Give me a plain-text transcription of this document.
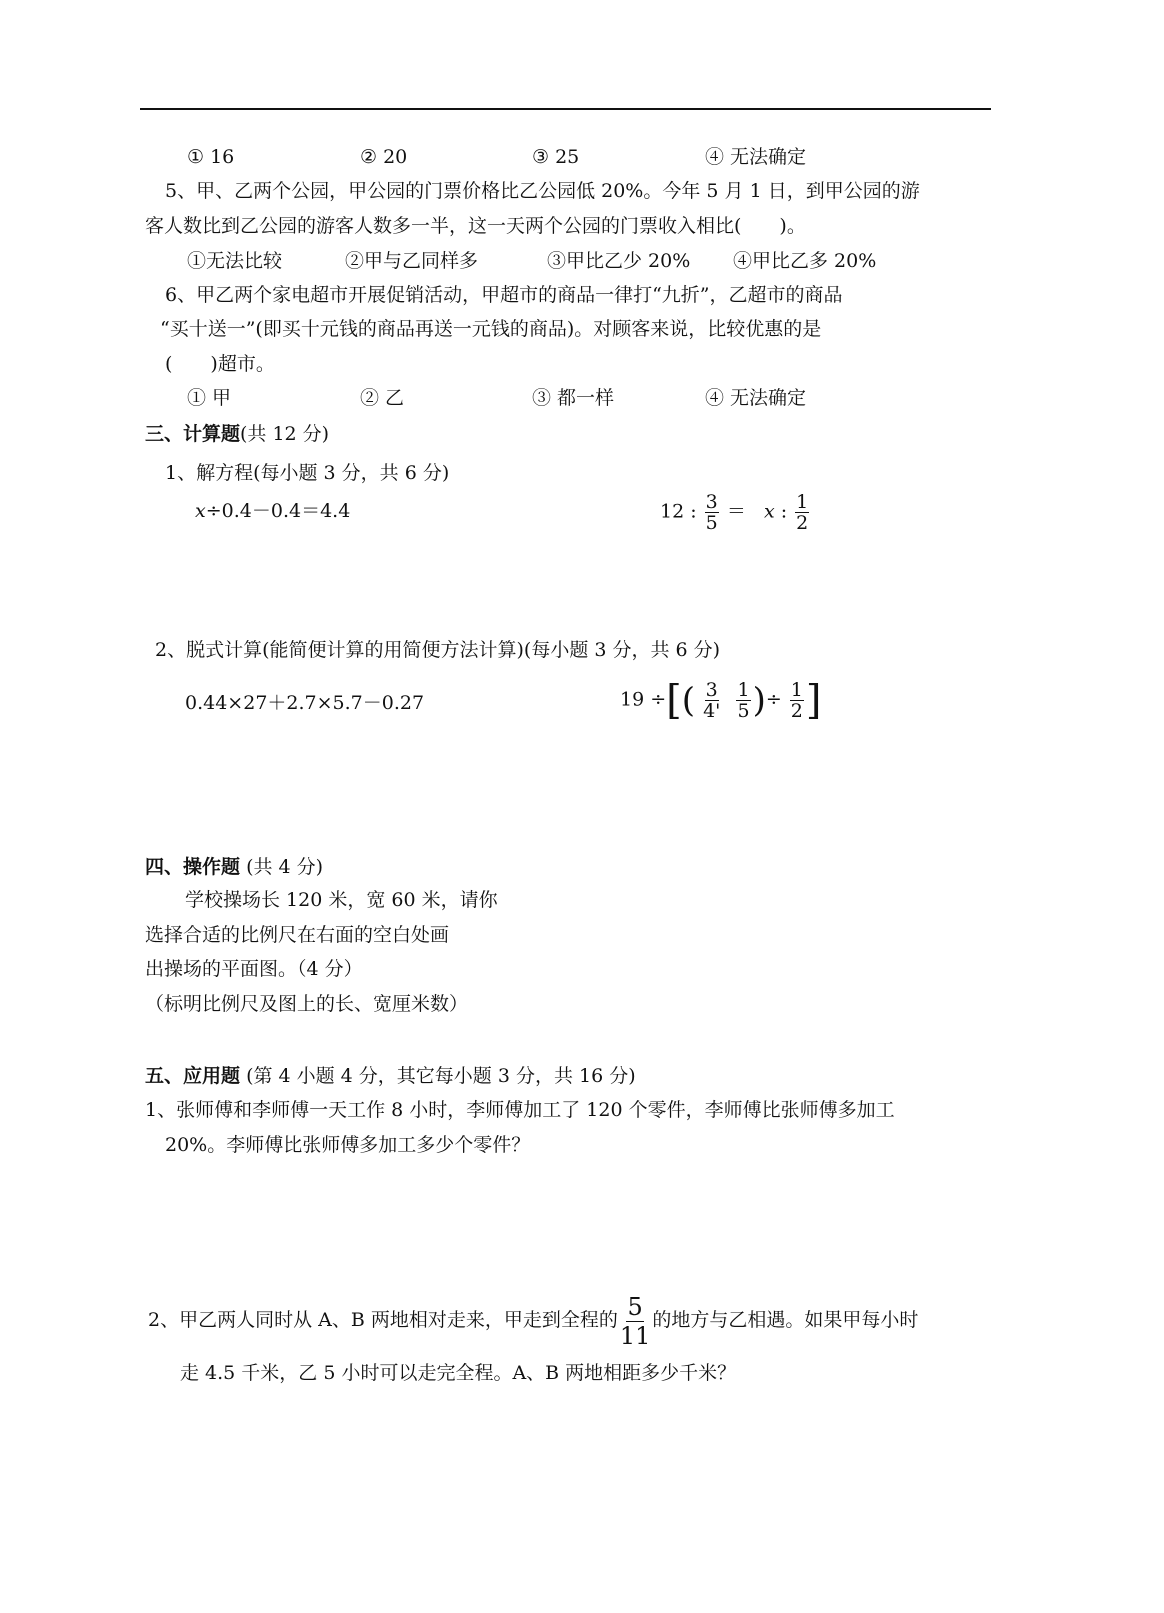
① 16	② 20	③ 25	④ 无法确定
5、甲、乙两个公园，甲公园的门票价格比乙公园低 20%。今年 5 月 1 日，到甲公园的游
客人数比到乙公园的游客人数多一半，这一天两个公园的门票收入相比(　　)。
①无法比较	②甲与乙同样多	③甲比乙少 20% ④甲比乙多 20%
6、甲乙两个家电超市开展促销活动，甲超市的商品一律打“九折”，乙超市的商品
“买十送一”(即买十元钱的商品再送一元钱的商品)。对顾客来说，比较优惠的是
(　　)超市。
① 甲	② 乙	③ 都一样	④ 无法确定
三、计算题(共 12 分)
1、解方程(每小题 3 分，共 6 分)
x÷0.4－0.4＝4.4	12 : $\frac{3}{5} = x$ : $\frac{1}{2}$
2、脱式计算(能简便计算的用简便方法计算)(每小题 3 分，共 6 分)
0.44×27＋2.7×5.7－0.27	19 ÷[( $\frac{3}{4'}$
$\frac{1}{5}$ )÷ $\frac{1}{2}$ ]
四、操作题 (共 4 分)
学校操场长 120 米，宽 60 米，请你
选择合适的比例尺在右面的空白处画
出操场的平面图。（4 分）
（标明比例尺及图上的长、宽厘米数）
五、应用题 (第 4 小题 4 分，其它每小题 3 分，共 16 分)
1、张师傅和李师傅一天工作 8 小时，李师傅加工了 120 个零件，李师傅比张师傅多加工
20%。李师傅比张师傅多加工多少个零件？
2、甲乙两人同时从 A、B 两地相对走来，甲走到全程的 $\frac{5}{11}$ 的地方与乙相遇。如果甲每小时
走 4.5 千米，乙 5 小时可以走完全程。A、B 两地相距多少千米？
